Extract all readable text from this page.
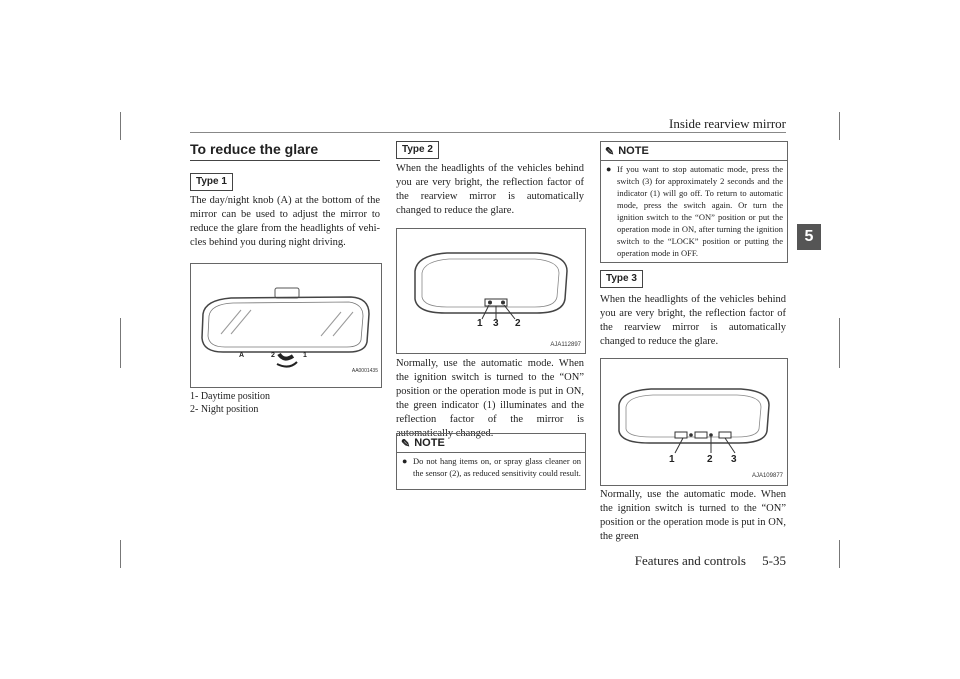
Inside rearview mirror
5
To reduce the glare
Type 1
The day/night knob (A) at the bottom of the mirror can be used to adjust the mirror to reduce the glare from the headlights of vehi-cles behind you during night driving.
A	2	1
AA0001435
1- Daytime position
2- Night position
Type 2
When the headlights of the vehicles behind you are very bright, the reflection factor of the rearview mirror is automatically changed to reduce the glare.
1 3 2
AJA112897
Normally, use the automatic mode. When the ignition switch is turned to the “ON” position or the operation mode is put in ON, the green indicator (1) illuminates and the reflection factor of the mirror is automatically changed.
✎ NOTE
● Do not hang items on, or spray glass cleaner on the sensor (2), as reduced sensitivity could result.
✎ NOTE
● If you want to stop automatic mode, press the switch (3) for approximately 2 seconds and the indicator (1) will go off. To return to automatic mode, press the switch again. Or turn the ignition switch to the “ON” position or put the operation mode in ON, after turning the ignition switch to the “LOCK” position or putting the operation mode in OFF.
Type 3
When the headlights of the vehicles behind you are very bright, the reflection factor of the rearview mirror is automatically changed to reduce the glare.
1	2 3
AJA109877
Normally, use the automatic mode. When the ignition switch is turned to the “ON” position or the operation mode is put in ON, the green
Features and controls     5-35
